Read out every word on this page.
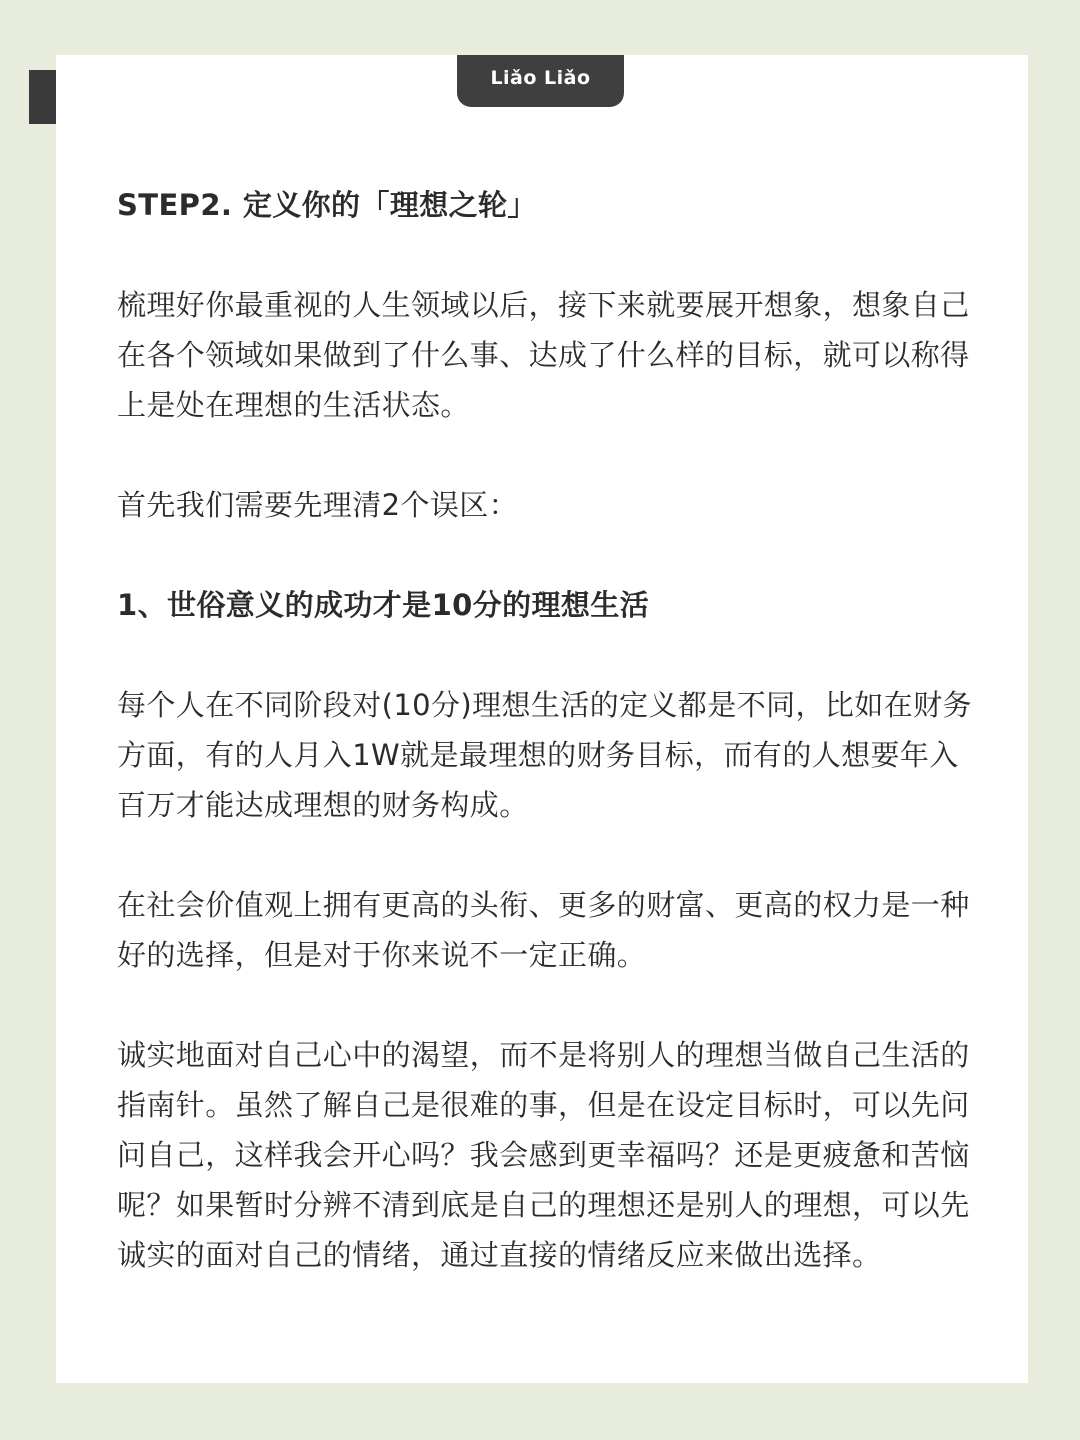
Liǎo Liǎo

STEP2. 定义你的「理想之轮」

梳理好你最重视的人生领域以后，接下来就要展开想象，想象自己在各个领域如果做到了什么事、达成了什么样的目标，就可以称得上是处在理想的生活状态。

首先我们需要先理清2个误区：

1、世俗意义的成功才是10分的理想生活

每个人在不同阶段对(10分)理想生活的定义都是不同，比如在财务方面，有的人月入1W就是最理想的财务目标，而有的人想要年入百万才能达成理想的财务构成。

在社会价值观上拥有更高的头衔、更多的财富、更高的权力是一种好的选择，但是对于你来说不一定正确。

诚实地面对自己心中的渴望，而不是将别人的理想当做自己生活的指南针。虽然了解自己是很难的事，但是在设定目标时，可以先问问自己，这样我会开心吗？我会感到更幸福吗？还是更疲惫和苦恼呢？如果暂时分辨不清到底是自己的理想还是别人的理想，可以先诚实的面对自己的情绪，通过直接的情绪反应来做出选择。
